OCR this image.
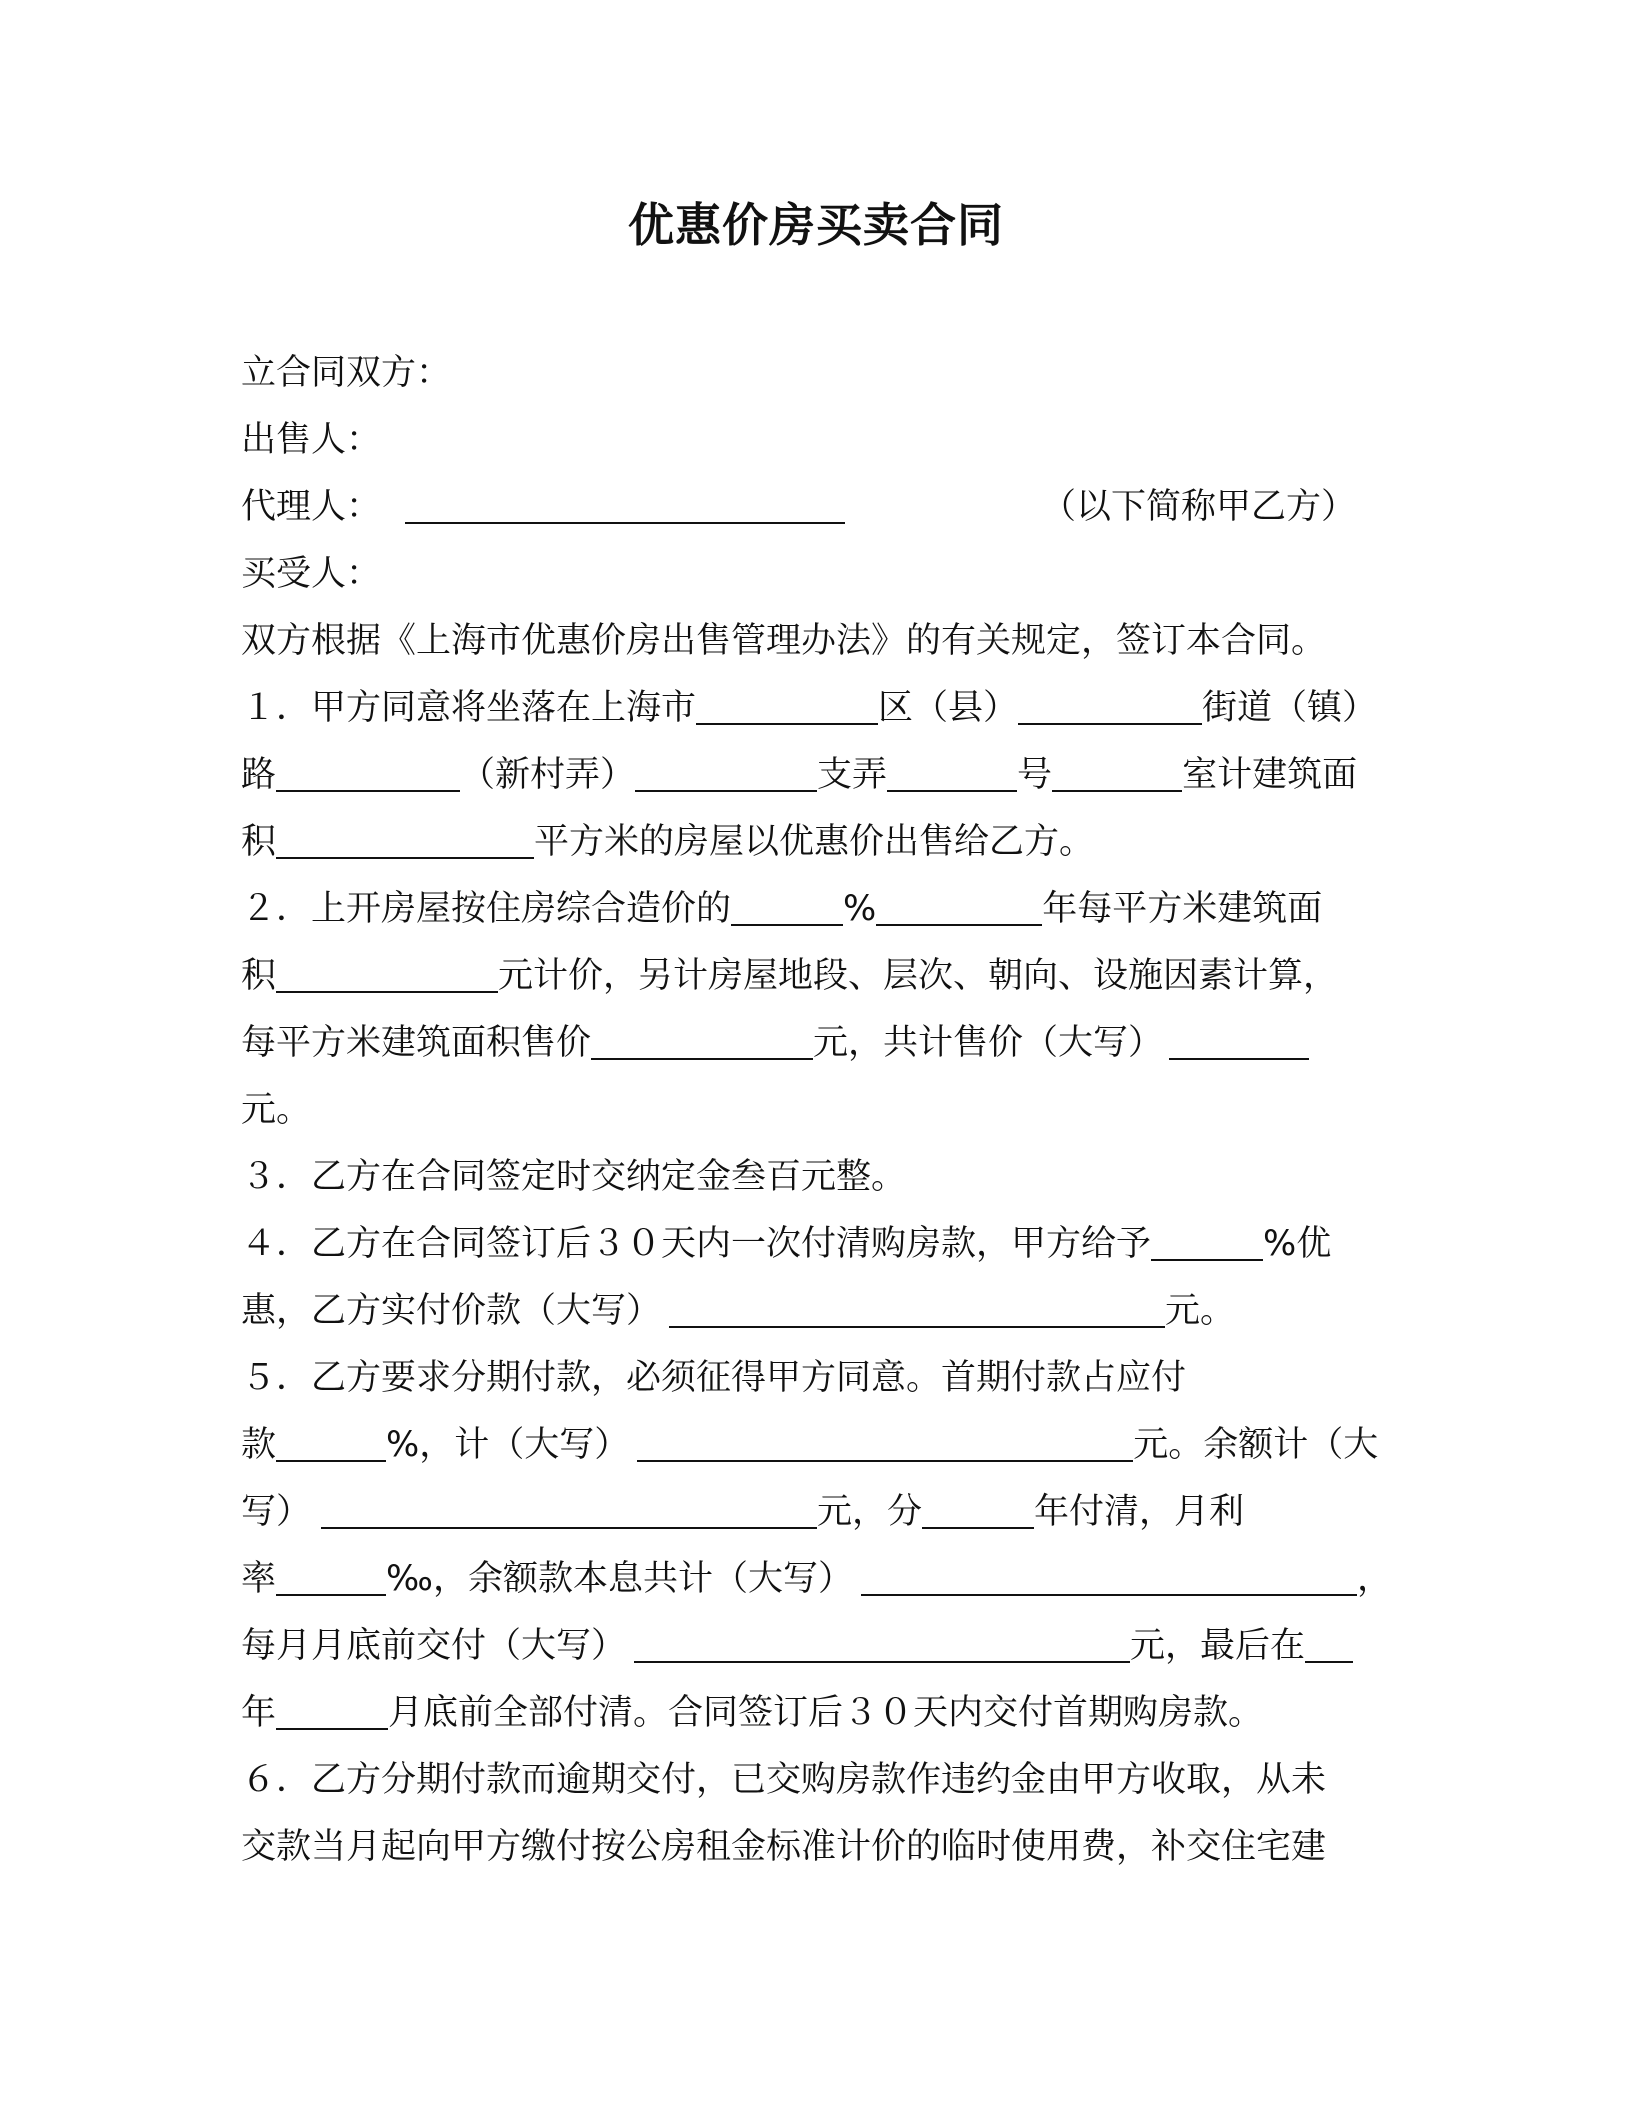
优惠价房买卖合同
立合同双方：
出售人：
代理人：	（以下简称甲乙方）
买受人：
双方根据《上海市优惠价房出售管理办法》的有关规定，签订本合同。
１．甲方同意将坐落在上海市	区（县）	街道（镇）
路	（新村弄）	支弄	号	室计建筑面
积	平方米的房屋以优惠价出售给乙方。
２．上开房屋按住房综合造价的	%	年每平方米建筑面
积	元计价，另计房屋地段、层次、朝向、设施因素计算，
每平方米建筑面积售价	元，共计售价（大写）
元。
３．乙方在合同签定时交纳定金叁百元整。
４．乙方在合同签订后３０天内一次付清购房款，甲方给予	%优
惠，乙方实付价款（大写）	元。
５．乙方要求分期付款，必须征得甲方同意。首期付款占应付
款	%，计（大写）	元。余额计（大
写）	元，分	年付清，月利
率	‰，余额款本息共计（大写）	，
每月月底前交付（大写）	元，最后在
年	月底前全部付清。合同签订后３０天内交付首期购房款。
６．乙方分期付款而逾期交付，已交购房款作违约金由甲方收取，从未
交款当月起向甲方缴付按公房租金标准计价的临时使用费，补交住宅建
